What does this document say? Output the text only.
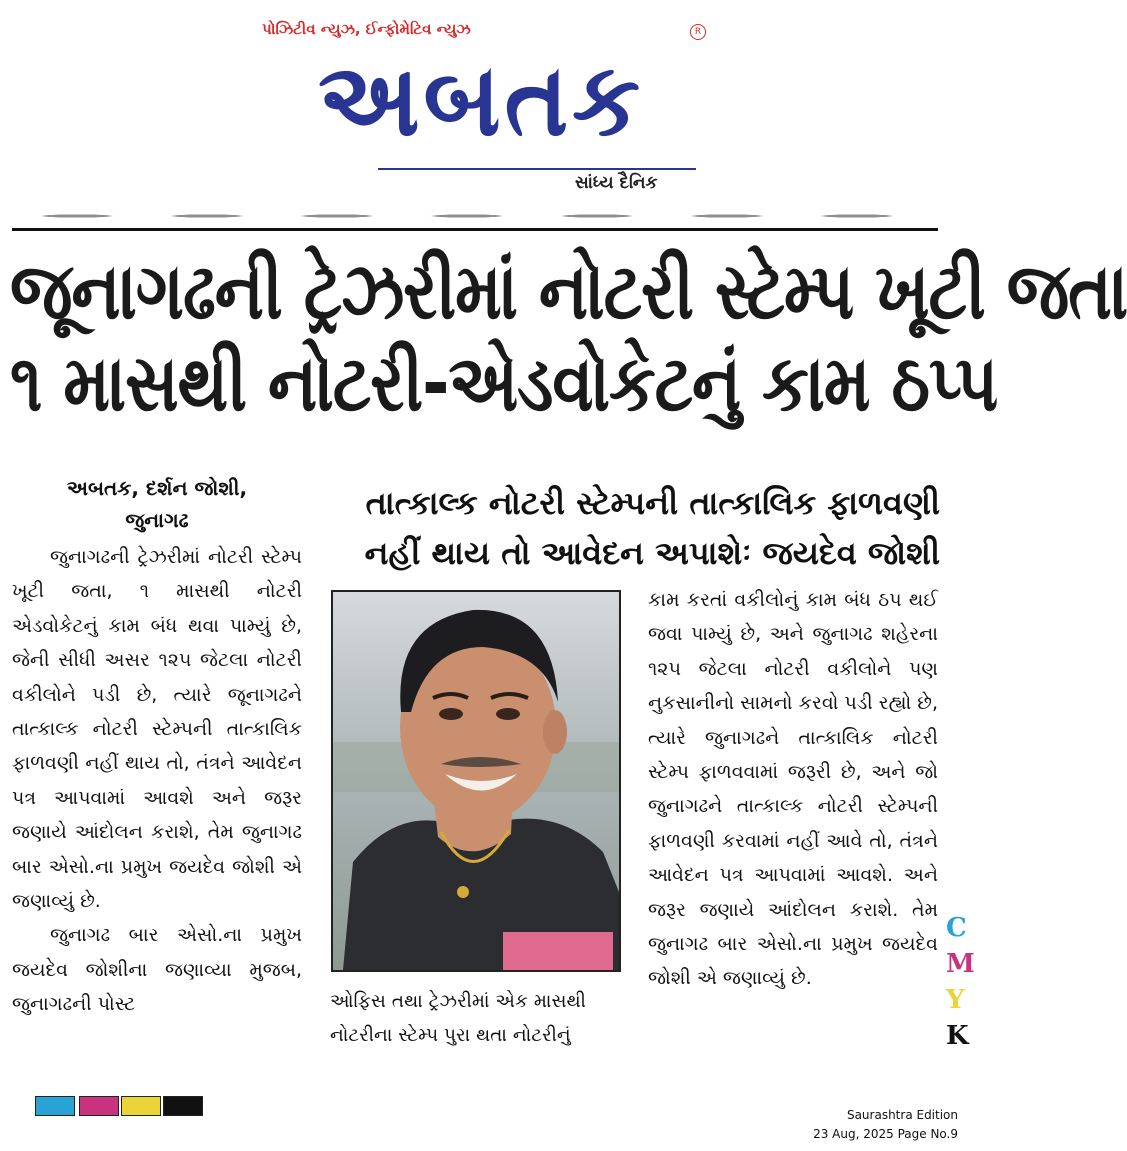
પોઝિટીવ ન્યુઝ, ઈન્ફોમેટિવ ન્યુઝ	R
અબતક
સાંધ્ય દૈનિક
જૂનાગઢની ટ્રેઝરીમાં નોટરી સ્ટેમ્પ ખૂટી જતા
૧ માસથી નોટરી-એડવોકેટનું કામ ઠપ્પ
અબતક, દર્શન જોશી,
જુનાગઢ

જુનાગઢની ટ્રેઝરીમાં નોટરી સ્ટેમ્પ ખૂટી જતા, ૧ માસથી નોટરી એડવોકેટનું કામ બંધ થવા પામ્યું છે, જેની સીધી અસર ૧૨૫ જેટલા નોટરી વકીલોને પડી છે, ત્યારે જૂનાગઢને તાત્કાલ્ક નોટરી સ્ટેમ્પની તાત્કાલિક ફાળવણી નહીં થાય તો, તંત્રને આવેદન પત્ર આપવામાં આવશે અને જરૂર જણાયે આંદોલન કરાશે, તેમ જુનાગઢ બાર એસો.ના પ્રમુખ જયદેવ જોશી એ જણાવ્યું છે.

જુનાગઢ બાર એસો.ના પ્રમુખ જયદેવ જોશીના જણાવ્યા મુજબ, જુનાગઢની પોસ્ટ

તાત્કાલ્ક નોટરી સ્ટેમ્પની તાત્કાલિક ફાળવણી
નહીં થાય તો આવેદન અપાશેઃ જયદેવ જોશી
ઓફિસ તથા ટ્રેઝરીમાં એક માસથી નોટરીના સ્ટેમ્પ પુરા થતા નોટરીનું

કામ કરતાં વકીલોનું કામ બંધ ઠપ થઈ જવા પામ્યું છે, અને જુનાગઢ શહેરના ૧૨૫ જેટલા નોટરી વકીલોને પણ નુકસાનીનો સામનો કરવો પડી રહ્યો છે, ત્યારે જુનાગઢને તાત્કાલિક નોટરી સ્ટેમ્પ ફાળવવામાં જરૂરી છે, અને જો જુનાગઢને તાત્કાલ્ક નોટરી સ્ટેમ્પની ફાળવણી કરવામાં નહીં આવે તો, તંત્રને આવેદન પત્ર આપવામાં આવશે. અને જરૂર જણાયે આંદોલન કરાશે. તેમ જુનાગઢ બાર એસો.ના પ્રમુખ જયદેવ જોશી એ જણાવ્યું છે.

C
M
Y
K
Saurashtra Edition
23 Aug, 2025 Page No.9
